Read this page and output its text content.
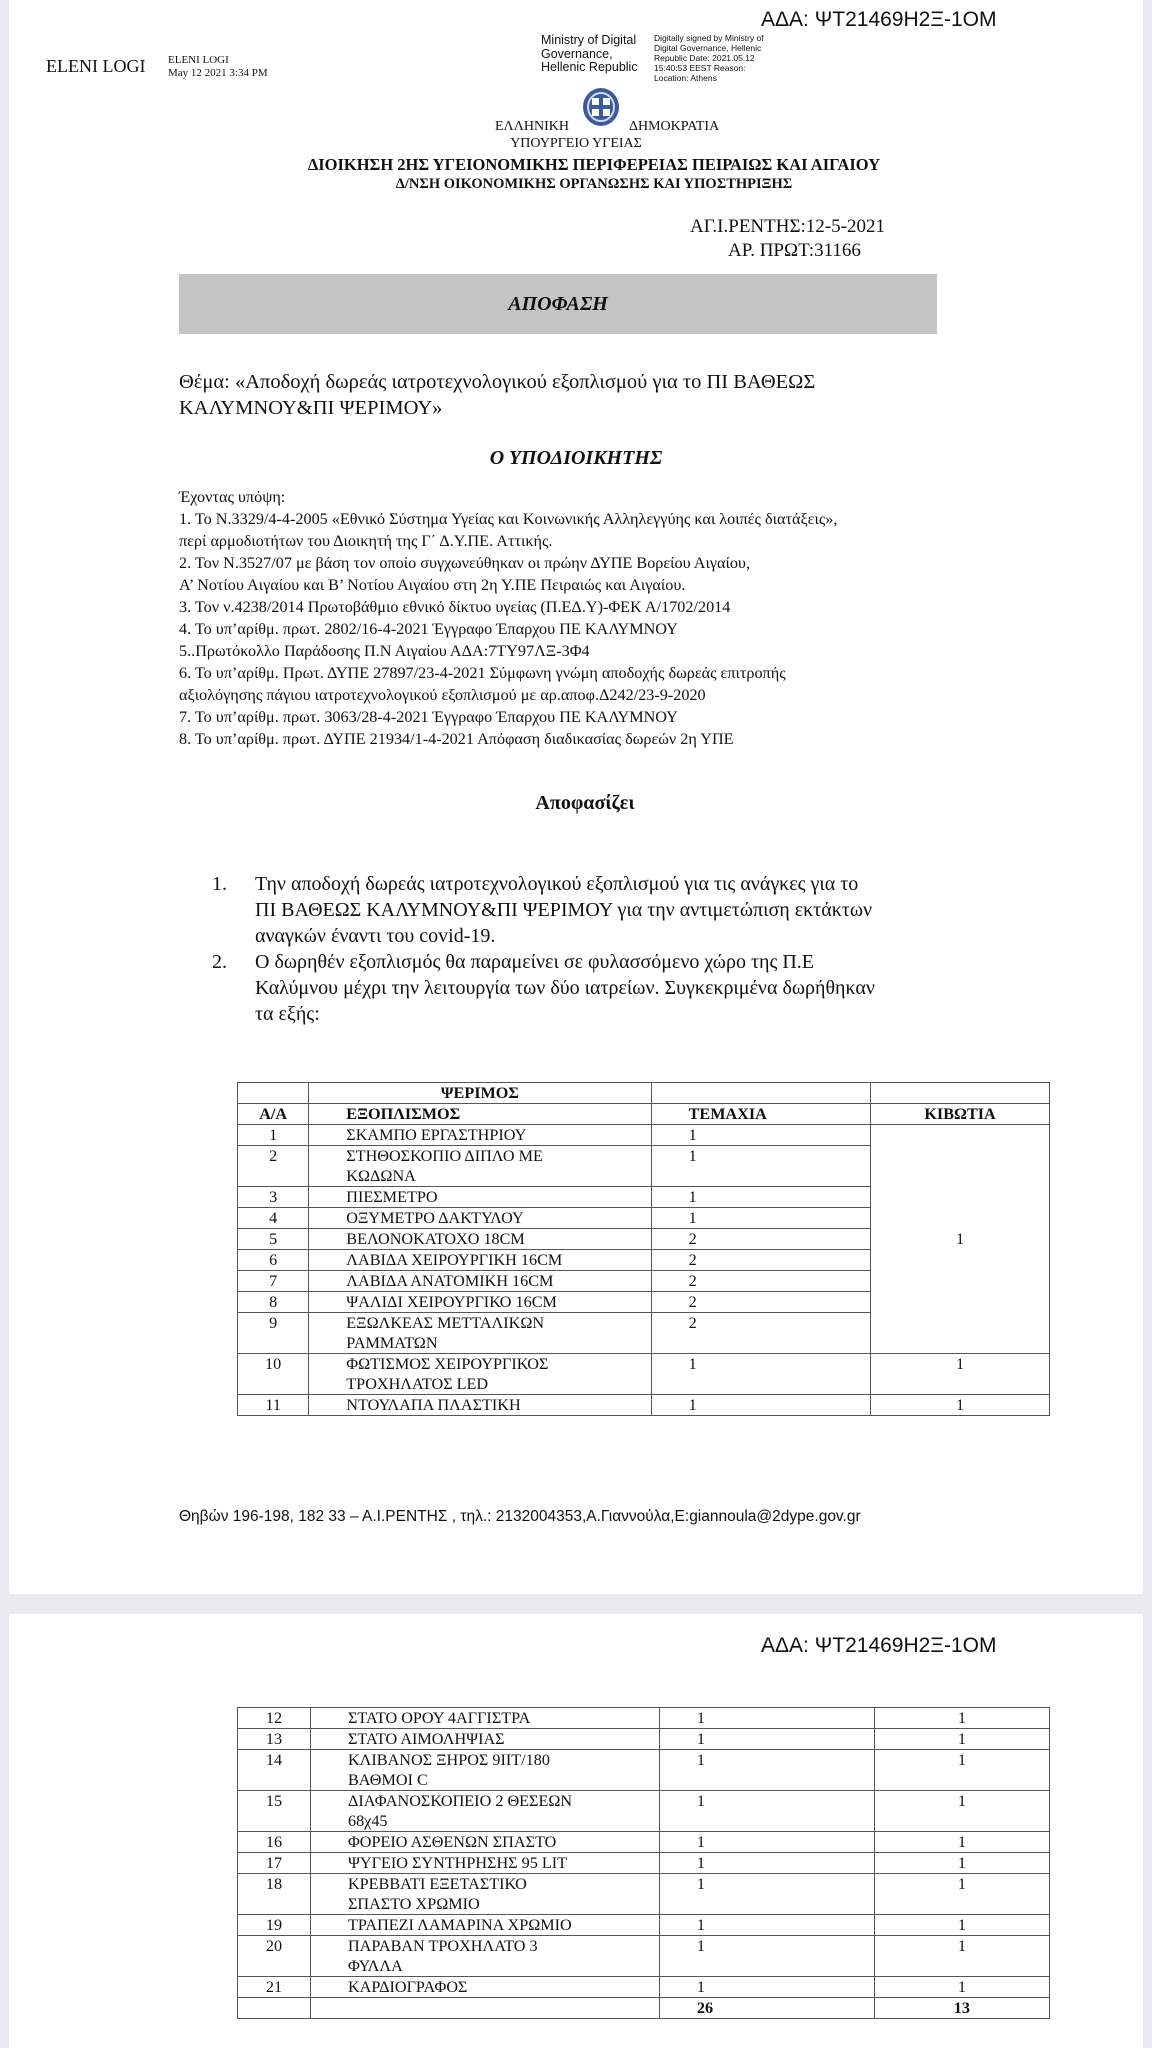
ΑΔΑ: ΨΤ21469Η2Ξ-1ΟΜ
ELENI LOGI ELENI LOGI
May 12 2021 3:34 PM
Ministry of Digital
Governance,
Hellenic Republic
Digitally signed by Ministry of Digital Governance, Hellenic Republic Date: 2021.05.12 15:40:53 EEST Reason: Location: Athens
ΕΛΛΗΝΙΚΗ	ΔΗΜΟΚΡΑΤΙΑ
ΥΠΟΥΡΓΕΙΟ ΥΓΕΙΑΣ
ΔΙΟΙΚΗΣΗ 2ΗΣ ΥΓΕΙΟΝΟΜΙΚΗΣ ΠΕΡΙΦΕΡΕΙΑΣ ΠΕΙΡΑΙΩΣ ΚΑΙ ΑΙΓΑΙΟΥ
Δ/ΝΣΗ ΟΙΚΟΝΟΜΙΚΗΣ ΟΡΓΑΝΩΣΗΣ ΚΑΙ ΥΠΟΣΤΗΡΙΞΗΣ
ΑΓ.Ι.ΡΕΝΤΗΣ:12-5-2021
ΑΡ. ΠΡΩΤ:31166
ΑΠΟΦΑΣΗ
Θέμα: «Αποδοχή δωρεάς ιατροτεχνολογικού εξοπλισμού για το ΠΙ ΒΑΘΕΩΣ
ΚΑΛΥΜΝΟΥ&ΠΙ ΨΕΡΙΜΟΥ»
Ο ΥΠΟΔΙΟΙΚΗΤΗΣ
Έχοντας υπόψη:
1. Το Ν.3329/4-4-2005 «Εθνικό Σύστημα Υγείας και Κοινωνικής Αλληλεγγύης και λοιπές διατάξεις»,
περί αρμοδιοτήτων του Διοικητή της Γ΄ Δ.Υ.ΠΕ. Αττικής.
2. Τον Ν.3527/07 με βάση τον οποίο συγχωνεύθηκαν οι πρώην ΔΥΠΕ Βορείου Αιγαίου,
Α’ Νοτίου Αιγαίου και Β’ Νοτίου Αιγαίου στη 2η Υ.ΠΕ Πειραιώς και Αιγαίου.
3. Τον ν.4238/2014 Πρωτοβάθμιο εθνικό δίκτυο υγείας (Π.ΕΔ.Υ)-ΦΕΚ Α/1702/2014
4. Το υπ’αρίθμ. πρωτ. 2802/16-4-2021 Έγγραφο Έπαρχου ΠΕ ΚΑΛΥΜΝΟΥ
5..Πρωτόκολλο Παράδοσης Π.Ν Αιγαίου ΑΔΑ:7ΤΥ97ΛΞ-3Φ4
6. Το υπ’αρίθμ. Πρωτ. ΔΥΠΕ 27897/23-4-2021 Σύμφωνη γνώμη αποδοχής δωρεάς επιτροπής
αξιολόγησης πάγιου ιατροτεχνολογικού εξοπλισμού με αρ.αποφ.Δ242/23-9-2020
7. Το υπ’αρίθμ. πρωτ. 3063/28-4-2021 Έγγραφο Έπαρχου ΠΕ ΚΑΛΥΜΝΟΥ
8. Το υπ’αρίθμ. πρωτ. ΔΥΠΕ 21934/1-4-2021 Απόφαση διαδικασίας δωρεών 2η ΥΠΕ
Αποφασίζει
1.	Την αποδοχή δωρεάς ιατροτεχνολογικού εξοπλισμού για τις ανάγκες για το
ΠΙ ΒΑΘΕΩΣ ΚΑΛΥΜΝΟΥ&ΠΙ ΨΕΡΙΜΟΥ για την αντιμετώπιση εκτάκτων
αναγκών έναντι του covid-19.
2.	Ο δωρηθέν εξοπλισμός θα παραμείνει σε φυλασσόμενο χώρο της Π.Ε
Καλύμνου μέχρι την λειτουργία των δύο ιατρείων. Συγκεκριμένα δωρήθηκαν
τα εξής:
	ΨΕΡΙΜΟΣ		
Α/Α	ΕΞΟΠΛΙΣΜΟΣ	ΤΕΜΑΧΙΑ	ΚΙΒΩΤΙΑ
1	ΣΚΑΜΠΟ ΕΡΓΑΣΤΗΡΙΟΥ	1	1
2	ΣΤΗΘΟΣΚΟΠΙΟ ΔΙΠΛΟ ΜΕ
ΚΩΔΩΝΑ	1	
3	ΠΙΕΣΜΕΤΡΟ	1	
4	ΟΞΥΜΕΤΡΟ ΔΑΚΤΥΛΟΥ	1	
5	ΒΕΛΟΝΟΚΑΤΟΧΟ 18CM	2	
6	ΛΑΒΙΔΑ ΧΕΙΡΟΥΡΓΙΚΗ 16CM	2	
7	ΛΑΒΙΔΑ ΑΝΑΤΟΜΙΚΗ 16CM	2	
8	ΨΑΛΙΔΙ ΧΕΙΡΟΥΡΓΙΚΟ 16CM	2	
9	ΕΞΩΛΚΕΑΣ ΜΕΤΤΑΛΙΚΩΝ
ΡΑΜΜΑΤΩΝ	2	
10	ΦΩΤΙΣΜΟΣ ΧΕΙΡΟΥΡΓΙΚΟΣ
ΤΡΟΧΗΛΑΤΟΣ LED	1	1
11	ΝΤΟΥΛΑΠΑ ΠΛΑΣΤΙΚΗ	1	1
Θηβών 196-198, 182 33 – Α.Ι.ΡΕΝΤΗΣ , τηλ.: 2132004353,Α.Γιαννούλα,Ε:giannoula@2dype.gov.gr
ΑΔΑ: ΨΤ21469Η2Ξ-1ΟΜ
12	ΣΤΑΤΟ ΟΡΟΥ 4ΑΓΓΙΣΤΡΑ	1	1
13	ΣΤΑΤΟ ΑΙΜΟΛΗΨΙΑΣ	1	1
14	ΚΛΙΒΑΝΟΣ ΞΗΡΟΣ 9ΙΙΤ/180
ΒΑΘΜΟΙ C	1	1
15	ΔΙΑΦΑΝΟΣΚΟΠΕΙΟ 2 ΘΕΣΕΩΝ
68χ45	1	1
16	ΦΟΡΕΙΟ ΑΣΘΕΝΩΝ ΣΠΑΣΤΟ	1	1
17	ΨΥΓΕΙΟ ΣΥΝΤΗΡΗΣΗΣ 95 LIT	1	1
18	ΚΡΕΒΒΑΤΙ ΕΞΕΤΑΣΤΙΚΟ
ΣΠΑΣΤΟ ΧΡΩΜΙΟ	1	1
19	ΤΡΑΠΕΖΙ ΛΑΜΑΡΙΝΑ ΧΡΩΜΙΟ	1	1
20	ΠΑΡΑΒΑΝ ΤΡΟΧΗΛΑΤΟ 3
ΦΥΛΛΑ	1	1
21	ΚΑΡΔΙΟΓΡΑΦΟΣ	1	1
		26	13
